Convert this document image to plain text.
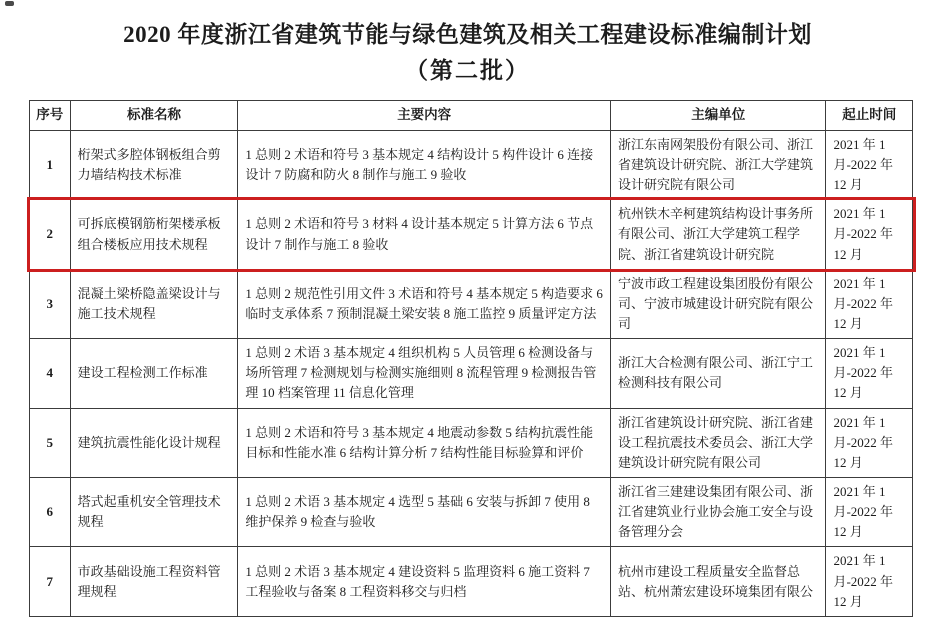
2020 年度浙江省建筑节能与绿色建筑及相关工程建设标准编制计划
（第二批）
序号	标准名称	主要内容	主编单位	起止时间
1	桁架式多腔体钢板组合剪力墙结构技术标准	1 总则 2 术语和符号 3 基本规定 4 结构设计 5 构件设计 6 连接设计 7 防腐和防火 8 制作与施工 9 验收	浙江东南网架股份有限公司、浙江省建筑设计研究院、浙江大学建筑设计研究院有限公司	2021 年 1 月-2022 年 12 月
2	可拆底模钢筋桁架楼承板组合楼板应用技术规程	1 总则 2 术语和符号 3 材料 4 设计基本规定 5 计算方法 6 节点设计 7 制作与施工 8 验收	杭州铁木辛柯建筑结构设计事务所有限公司、浙江大学建筑工程学院、浙江省建筑设计研究院	2021 年 1 月-2022 年 12 月
3	混凝土梁桥隐盖梁设计与施工技术规程	1 总则 2 规范性引用文件 3 术语和符号 4 基本规定 5 构造要求 6 临时支承体系 7 预制混凝土梁安装 8 施工监控 9 质量评定方法	宁波市政工程建设集团股份有限公司、宁波市城建设计研究院有限公司	2021 年 1 月-2022 年 12 月
4	建设工程检测工作标准	1 总则 2 术语 3 基本规定 4 组织机构 5 人员管理 6 检测设备与场所管理 7 检测规划与检测实施细则 8 流程管理 9 检测报告管理 10 档案管理 11 信息化管理	浙江大合检测有限公司、浙江宁工检测科技有限公司	2021 年 1 月-2022 年 12 月
5	建筑抗震性能化设计规程	1 总则 2 术语和符号 3 基本规定 4 地震动参数 5 结构抗震性能目标和性能水准 6 结构计算分析 7 结构性能目标验算和评价	浙江省建筑设计研究院、浙江省建设工程抗震技术委员会、浙江大学建筑设计研究院有限公司	2021 年 1 月-2022 年 12 月
6	塔式起重机安全管理技术规程	1 总则 2 术语 3 基本规定 4 选型 5 基础 6 安装与拆卸 7 使用 8 维护保养 9 检查与验收	浙江省三建建设集团有限公司、浙江省建筑业行业协会施工安全与设备管理分会	2021 年 1 月-2022 年 12 月
7	市政基础设施工程资料管理规程	1 总则 2 术语 3 基本规定 4 建设资料 5 监理资料 6 施工资料 7 工程验收与备案 8 工程资料移交与归档	杭州市建设工程质量安全监督总站、杭州萧宏建设环境集团有限公	2021 年 1 月-2022 年 12 月
